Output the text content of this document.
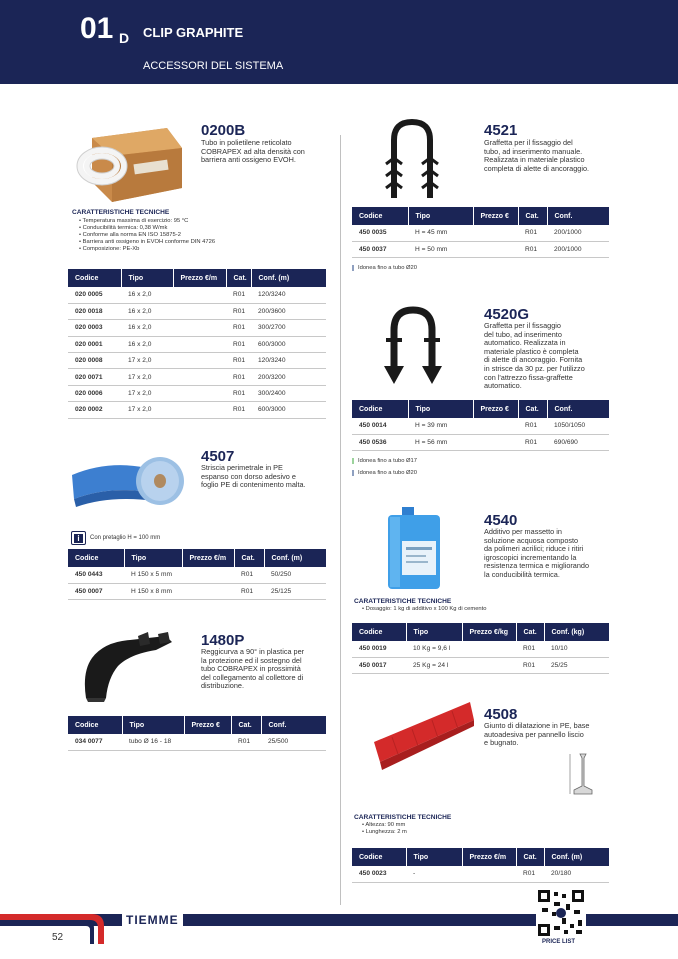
01 D CLIP GRAPHITE
ACCESSORI DEL SISTEMA
0200B
Tubo in polietilene reticolato
COBRAPEX ad alta densità con
barriera anti ossigeno EVOH.
CARATTERISTICHE TECNICHE
• Temperatura massima di esercizio: 95 °C
• Conducibilità termica: 0,38 W/mk
• Conforme alla norma EN ISO 15875-2
• Barriera anti ossigeno in EVOH conforme DIN 4726
• Composizione: PE-Xb
Codice	Tipo	Prezzo €/m	Cat.	Conf. (m)
020 0005	16 x 2,0		R01	120/3240
020 0018	16 x 2,0		R01	200/3600
020 0003	16 x 2,0		R01	300/2700
020 0001	16 x 2,0		R01	600/3000
020 0008	17 x 2,0		R01	120/3240
020 0071	17 x 2,0		R01	200/3200
020 0006	17 x 2,0		R01	300/2400
020 0002	17 x 2,0		R01	600/3000
4507
Striscia perimetrale in PE
espanso con dorso adesivo e
foglio PE di contenimento malta.
i	Con pretaglio H = 100 mm
Codice	Tipo	Prezzo €/m	Cat.	Conf. (m)
450 0443	H 150 x 5 mm		R01	50/250
450 0007	H 150 x 8 mm		R01	25/125
1480P
Reggicurva a 90° in plastica per
la protezione ed il sostegno del
tubo COBRAPEX in prossimità
del collegamento al collettore di
distribuzione.
Codice	Tipo	Prezzo €	Cat.	Conf.
034 0077	tubo Ø 16 - 18		R01	25/500
4521
Graffetta per il fissaggio del
tubo, ad inserimento manuale.
Realizzata in materiale plastico
completa di alette di ancoraggio.
Codice	Tipo	Prezzo €	Cat.	Conf.
450 0035	H = 45 mm		R01	200/1000
450 0037	H = 50 mm		R01	200/1000
Idonea fino a tubo Ø20
4520G
Graffetta per il fissaggio
del tubo, ad inserimento
automatico. Realizzata in
materiale plastico è completa
di alette di ancoraggio. Fornita
in strisce da 30 pz. per l'utilizzo
con l'attrezzo fissa-graffette
automatico.
Codice	Tipo	Prezzo €	Cat.	Conf.
450 0014	H = 39 mm		R01	1050/1050
450 0536	H = 56 mm		R01	690/690
Idonea fino a tubo Ø17
Idonea fino a tubo Ø20
4540
Additivo per massetto in
soluzione acquosa composto
da polimeri acrilici; riduce i ritiri
igroscopici incrementando la
resistenza termica e migliorando
la conducibilità termica.
CARATTERISTICHE TECNICHE
• Dosaggio: 1 kg di additivo x 100 Kg di cemento
Codice	Tipo	Prezzo €/kg	Cat.	Conf. (kg)
450 0019	10 Kg = 9,6 l		R01	10/10
450 0017	25 Kg = 24 l		R01	25/25
4508
Giunto di dilatazione in PE, base
autoadesiva per pannello liscio
e bugnato.
CARATTERISTICHE TECNICHE
• Altezza: 90 mm
• Lunghezza: 2 m
Codice	Tipo	Prezzo €/m	Cat.	Conf. (m)
450 0023	-		R01	20/180
TIEMME
52	PRICE LIST
